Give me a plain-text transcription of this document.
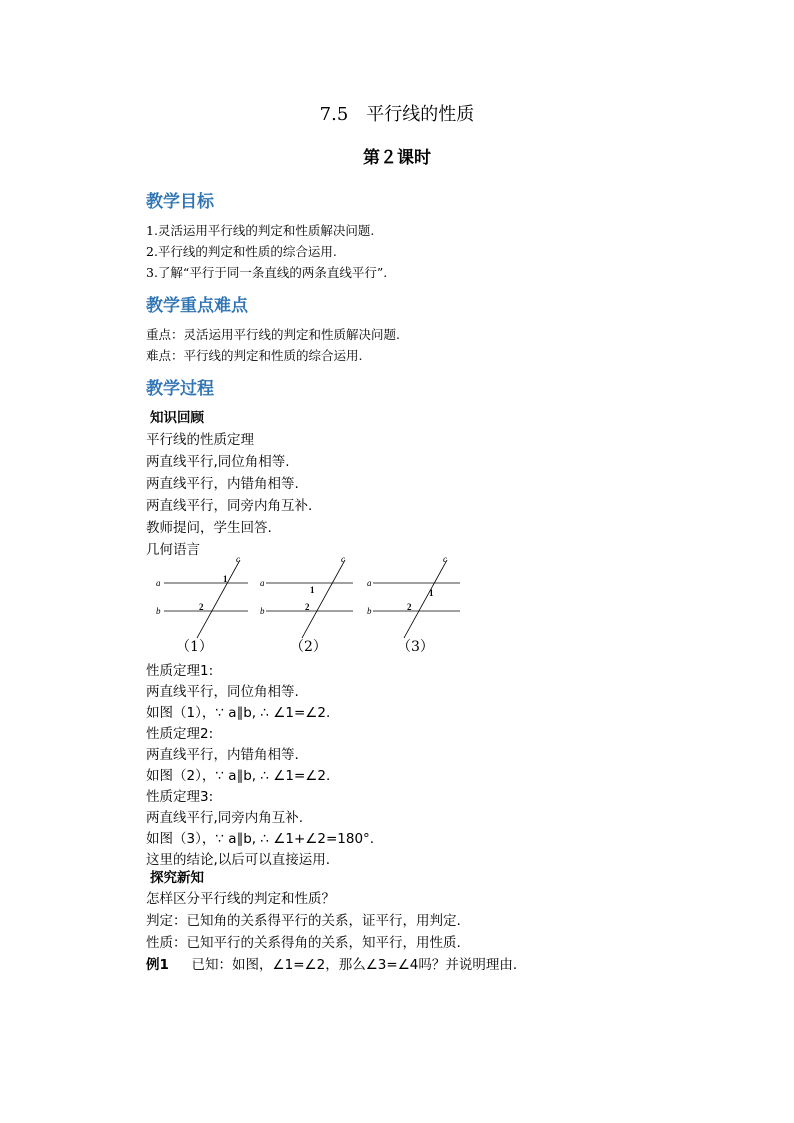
7.5　平行线的性质
第２课时
教学目标
1.灵活运用平行线的判定和性质解决问题.
2.平行线的判定和性质的综合运用.
3.了解“平行于同一条直线的两条直线平行”.
教学重点难点
重点：灵活运用平行线的判定和性质解决问题.
难点：平行线的判定和性质的综合运用.
教学过程
知识回顾
平行线的性质定理
两直线平行,同位角相等.
两直线平行，内错角相等.
两直线平行，同旁内角互补.
教师提问，学生回答.
几何语言
a
b
c
1
2
a
b
c
1
2
a
b
c
1
2
（1）	（2）	（3）
性质定理1:
两直线平行，同位角相等.
如图（1），∵ a∥b, ∴ ∠1=∠2.
性质定理2:
两直线平行，内错角相等.
如图（2），∵ a∥b, ∴ ∠1=∠2.
性质定理3:
两直线平行,同旁内角互补.
如图（3），∵ a∥b, ∴ ∠1+∠2=180°.
这里的结论,以后可以直接运用.
探究新知
怎样区分平行线的判定和性质？
判定：已知角的关系得平行的关系，证平行，用判定.
性质：已知平行的关系得角的关系，知平行，用性质.
例1 已知：如图，∠1=∠2，那么∠3=∠4吗？并说明理由.
